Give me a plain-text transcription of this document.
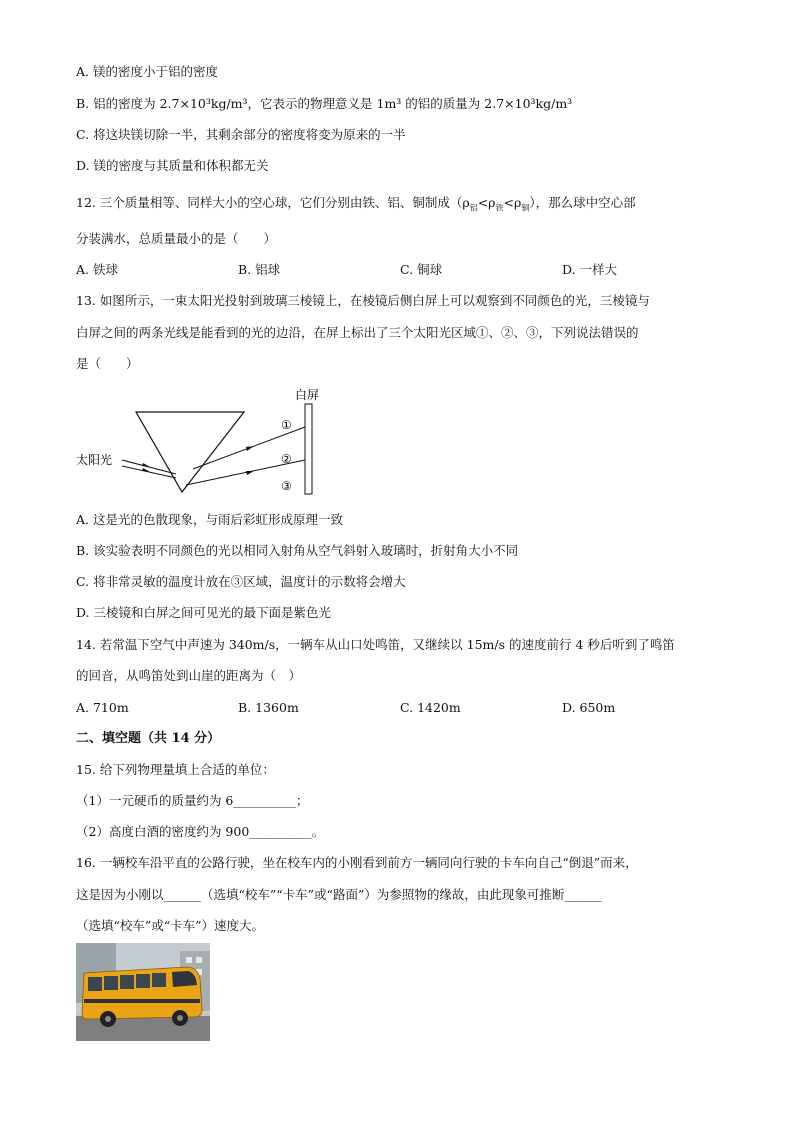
A. 镁的密度小于铝的密度
B. 铝的密度为 2.7×10³kg/m³，它表示的物理意义是 1m³ 的铝的质量为 2.7×10³kg/m³
C. 将这块镁切除一半，其剩余部分的密度将变为原来的一半
D. 镁的密度与其质量和体积都无关
12. 三个质量相等、同样大小的空心球，它们分别由铁、铝、铜制成$(\rho_铝<\rho_铁<\rho_铜)$，那么球中空心部
分装满水，总质量最小的是（　　）
A. 铁球	B. 铝球	C. 铜球	D. 一样大
13. 如图所示，一束太阳光投射到玻璃三棱镜上，在棱镜后侧白屏上可以观察到不同颜色的光，三棱镜与
白屏之间的两条光线是能看到的光的边沿，在屏上标出了三个太阳光区域①、②、③，下列说法错误的
是（　　）
白屏
太阳光
①
②
③
A. 这是光的色散现象，与雨后彩虹形成原理一致
B. 该实验表明不同颜色的光以相同入射角从空气斜射入玻璃时，折射角大小不同
C. 将非常灵敏的温度计放在③区域，温度计的示数将会增大
D. 三棱镜和白屏之间可见光的最下面是紫色光
14. 若常温下空气中声速为 340m/s，一辆车从山口处鸣笛，又继续以 15m/s 的速度前行 4 秒后听到了鸣笛
的回音，从鸣笛处到山崖的距离为（　）
A. 710m	B. 1360m	C. 1420m	D. 650m
二、填空题（共 14 分）
15. 给下列物理量填上合适的单位：
（1）一元硬币的质量约为 6__________；
（2）高度白酒的密度约为 900__________。
16. 一辆校车沿平直的公路行驶，坐在校车内的小刚看到前方一辆同向行驶的卡车向自己“倒退”而来，
这是因为小刚以______（选填“校车”“卡车”或“路面”）为参照物的缘故，由此现象可推断______
（选填“校车”或“卡车”）速度大。
